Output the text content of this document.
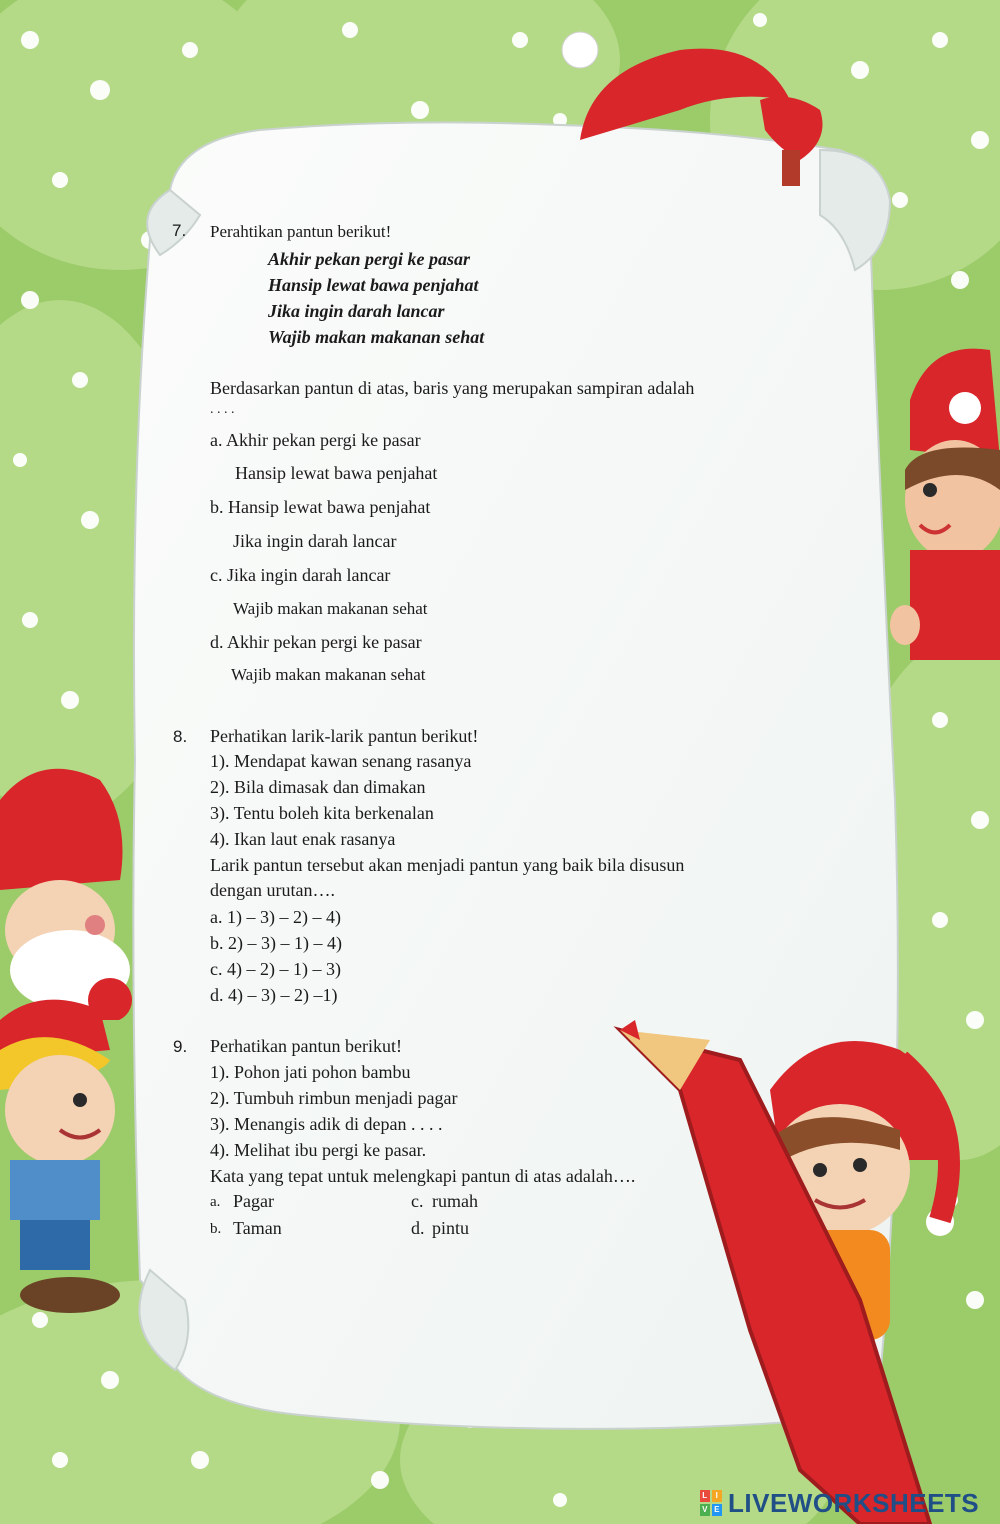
7. Perahtikan pantun berikut!
Akhir pekan pergi ke pasar
Hansip lewat bawa penjahat
Jika ingin darah lancar
Wajib makan makanan sehat
Berdasarkan pantun di atas, baris yang merupakan sampiran adalah
. . . .
a. Akhir pekan pergi ke pasar
Hansip lewat bawa penjahat
b. Hansip lewat bawa penjahat
Jika ingin darah lancar
c. Jika ingin darah lancar
Wajib makan makanan sehat
d. Akhir pekan pergi ke pasar
Wajib makan makanan sehat
8. Perhatikan larik-larik pantun berikut!
1). Mendapat kawan senang rasanya
2). Bila dimasak dan dimakan
3). Tentu boleh kita berkenalan
4). Ikan laut enak rasanya
Larik pantun tersebut akan menjadi pantun yang baik bila disusun
dengan urutan….
a. 1) – 3) – 2) – 4)
b. 2) – 3) – 1) – 4)
c. 4) – 2) – 1) – 3)
d. 4) – 3) – 2) –1)
9. Perhatikan pantun berikut!
1). Pohon jati pohon bambu
2). Tumbuh rimbun menjadi pagar
3). Menangis adik di depan . . . .
4). Melihat ibu pergi ke pasar.
Kata yang tepat untuk melengkapi pantun di atas adalah….
a. Pagar	c. rumah
b. Taman	d. pintu
L I
V E LIVEWORKSHEETS
